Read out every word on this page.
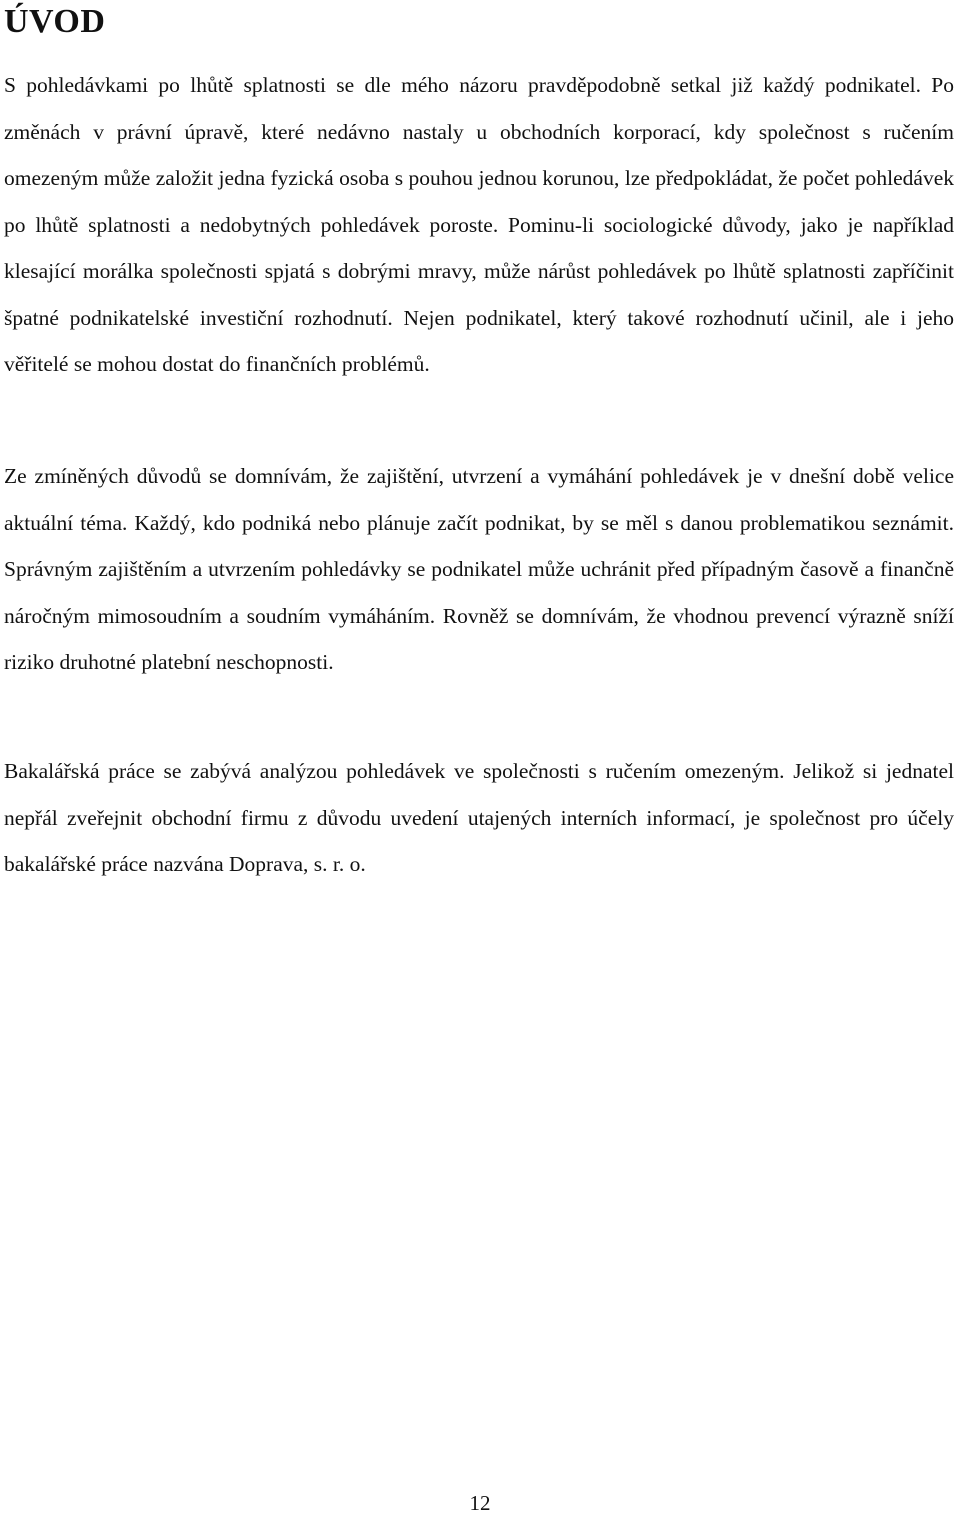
ÚVOD

S pohledávkami po lhůtě splatnosti se dle mého názoru pravděpodobně setkal již každý podnikatel. Po změnách v právní úpravě, které nedávno nastaly u obchodních korporací, kdy společnost s ručením omezeným může založit jedna fyzická osoba s pouhou jednou korunou, lze předpokládat, že počet pohledávek po lhůtě splatnosti a nedobytných pohledávek poroste. Pominu-li sociologické důvody, jako je například klesající morálka společnosti spjatá s dobrými mravy, může nárůst pohledávek po lhůtě splatnosti zapříčinit špatné podnikatelské investiční rozhodnutí. Nejen podnikatel, který takové rozhodnutí učinil, ale i jeho věřitelé se mohou dostat do finančních problémů.

Ze zmíněných důvodů se domnívám, že zajištění, utvrzení a vymáhání pohledávek je v dnešní době velice aktuální téma. Každý, kdo podniká nebo plánuje začít podnikat, by se měl s danou problematikou seznámit. Správným zajištěním a utvrzením pohledávky se podnikatel může uchránit před případným časově a finančně náročným mimosoudním a soudním vymáháním. Rovněž se domnívám, že vhodnou prevencí výrazně sníží riziko druhotné platební neschopnosti.

Bakalářská práce se zabývá analýzou pohledávek ve společnosti s ručením omezeným. Jelikož si jednatel nepřál zveřejnit obchodní firmu z důvodu uvedení utajených interních informací, je společnost pro účely bakalářské práce nazvána Doprava, s. r. o.

12
